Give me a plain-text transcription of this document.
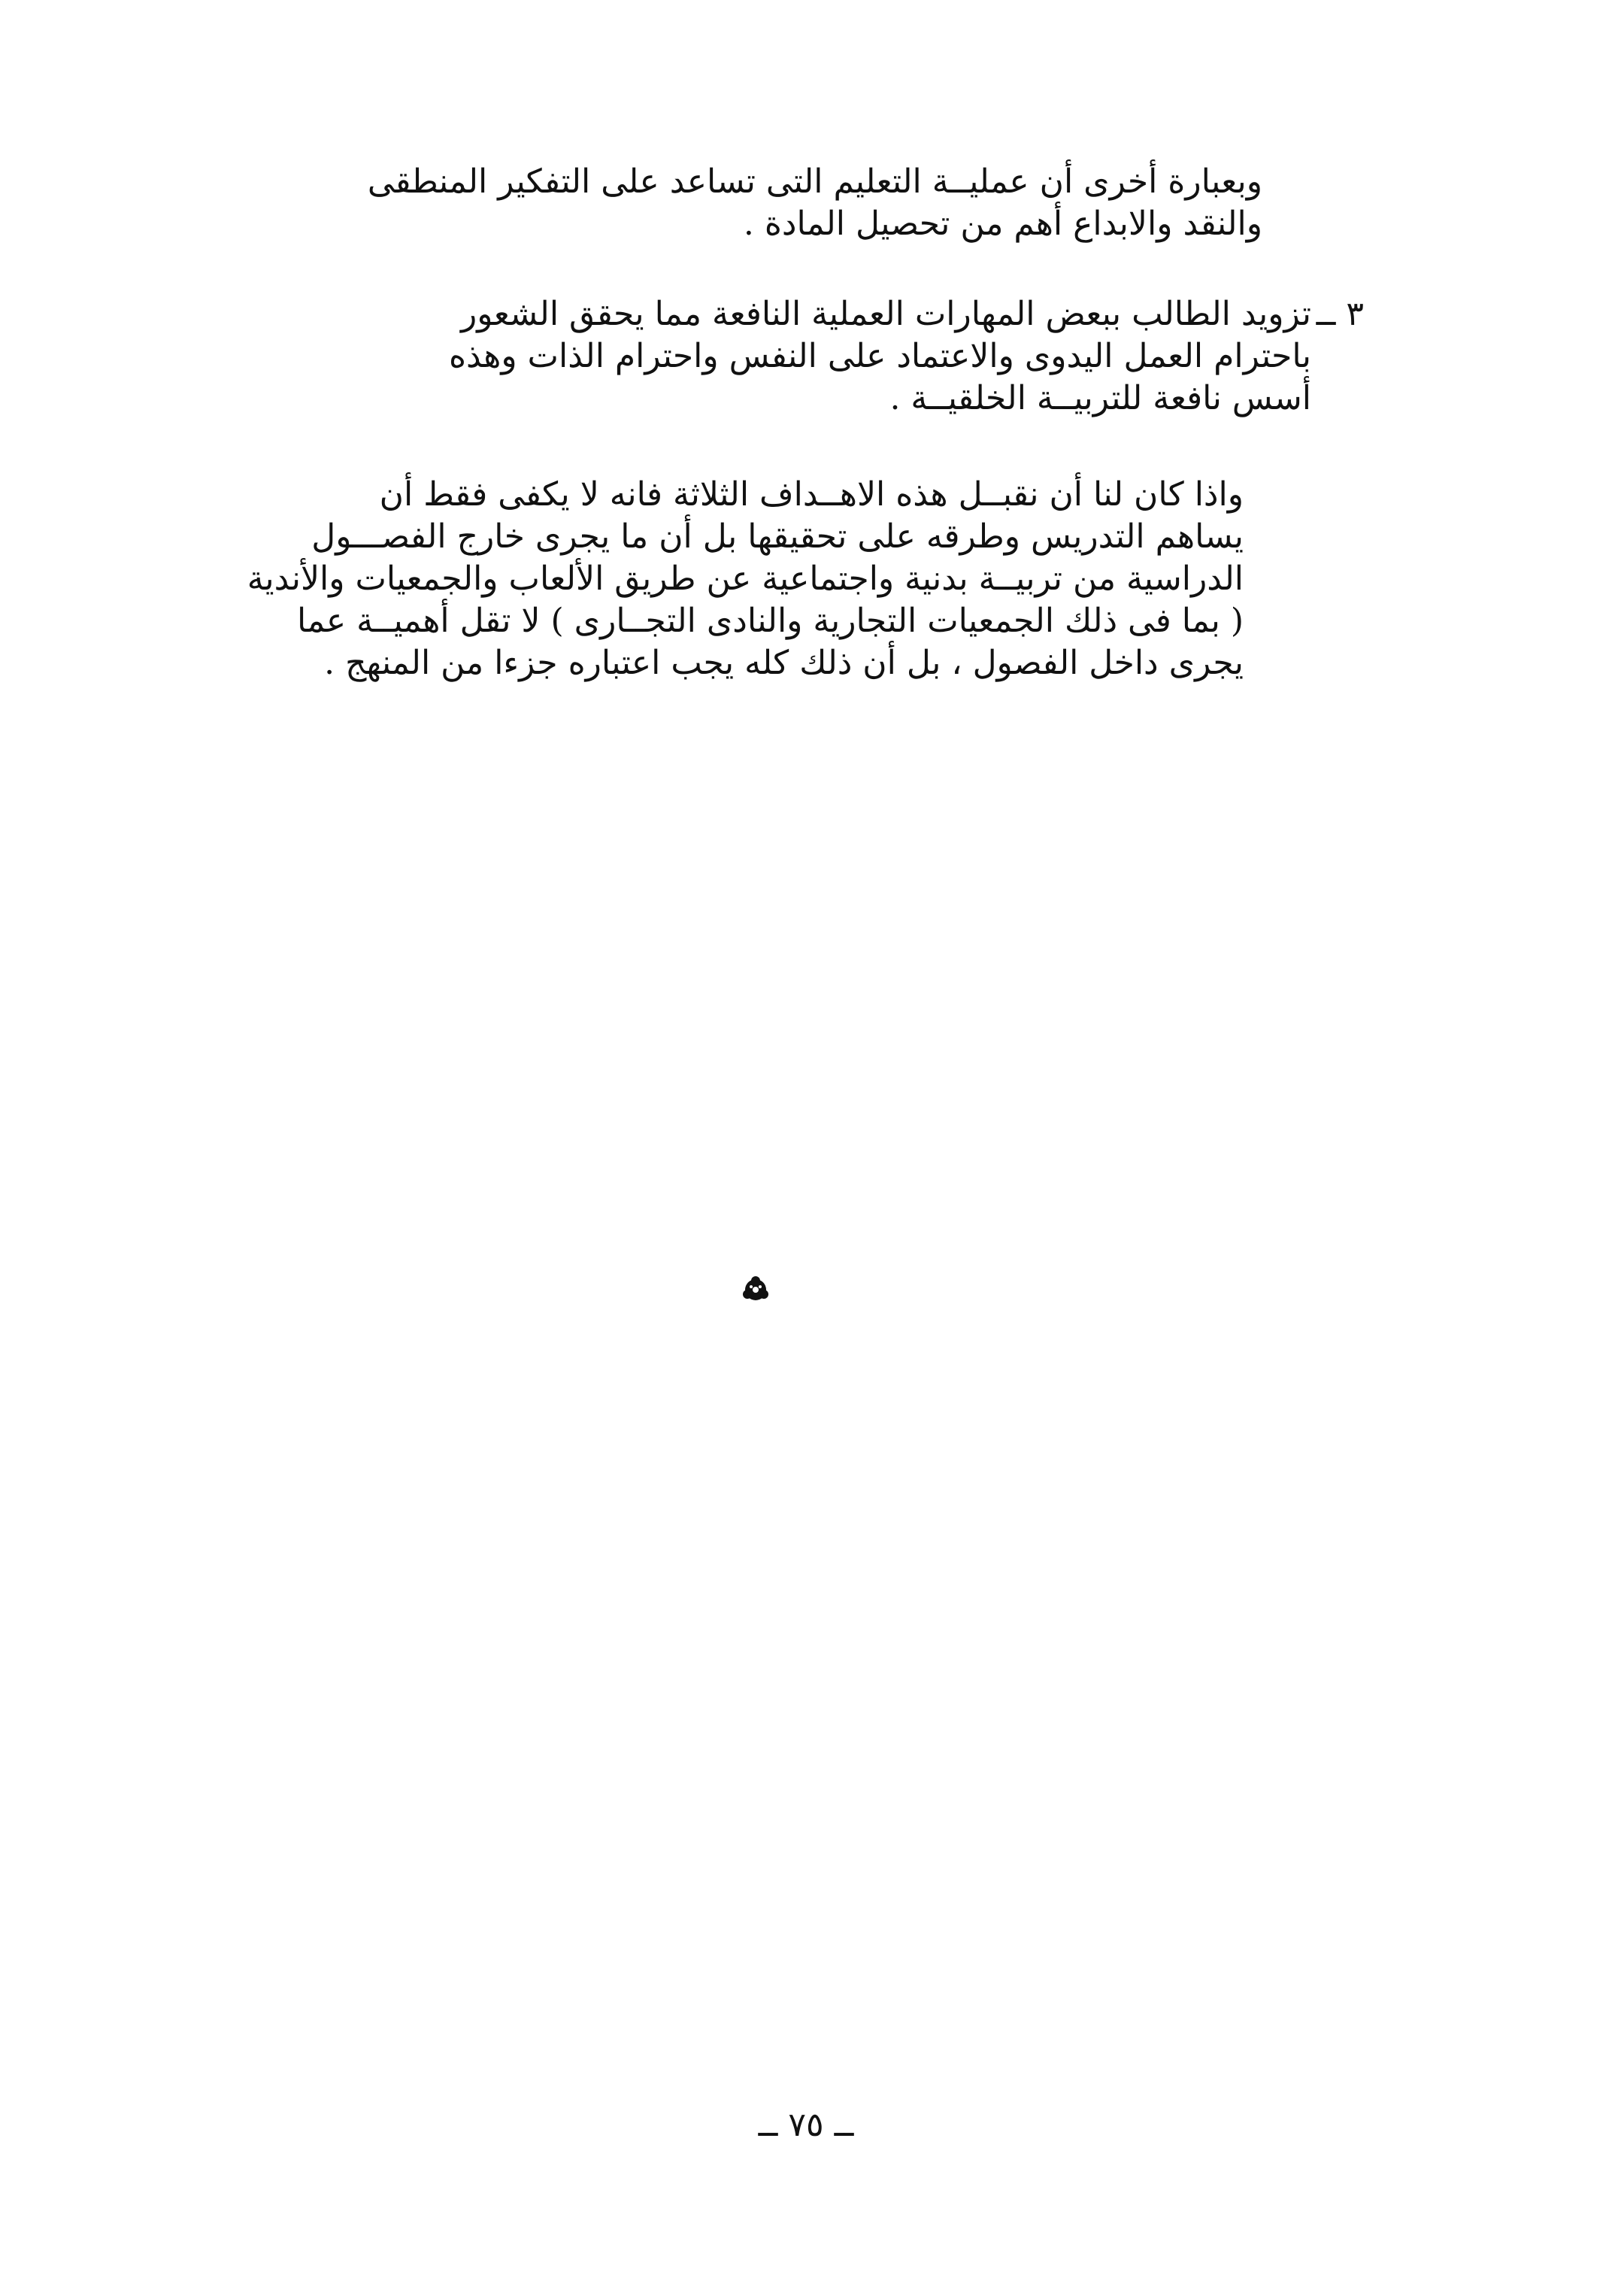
وبعبارة أخرى أن عمليــة التعليم التى تساعد على التفكير المنطقى
والنقد والابداع أهم من تحصيل المادة .

٣ ــ
تزويد الطالب ببعض المهارات العملية النافعة مما يحقق الشعور
باحترام العمل اليدوى والاعتماد على النفس واحترام الذات وهذه
أسس نافعة للتربيــة الخلقيــة .

واذا كان لنا أن نقبــل هذه الاهــداف الثلاثة فانه لا يكفى فقط أن
يساهم التدريس وطرقه على تحقيقها بل أن ما يجرى خارج الفصـــول
الدراسية من تربيــة بدنية واجتماعية عن طريق الألعاب والجمعيات والأندية
( بما فى ذلك الجمعيات التجارية والنادى التجــارى ) لا تقل أهميــة عما
يجرى داخل الفصول ، بل أن ذلك كله يجب اعتباره جزءا من المنهج .

ــ ٧٥ ــ
